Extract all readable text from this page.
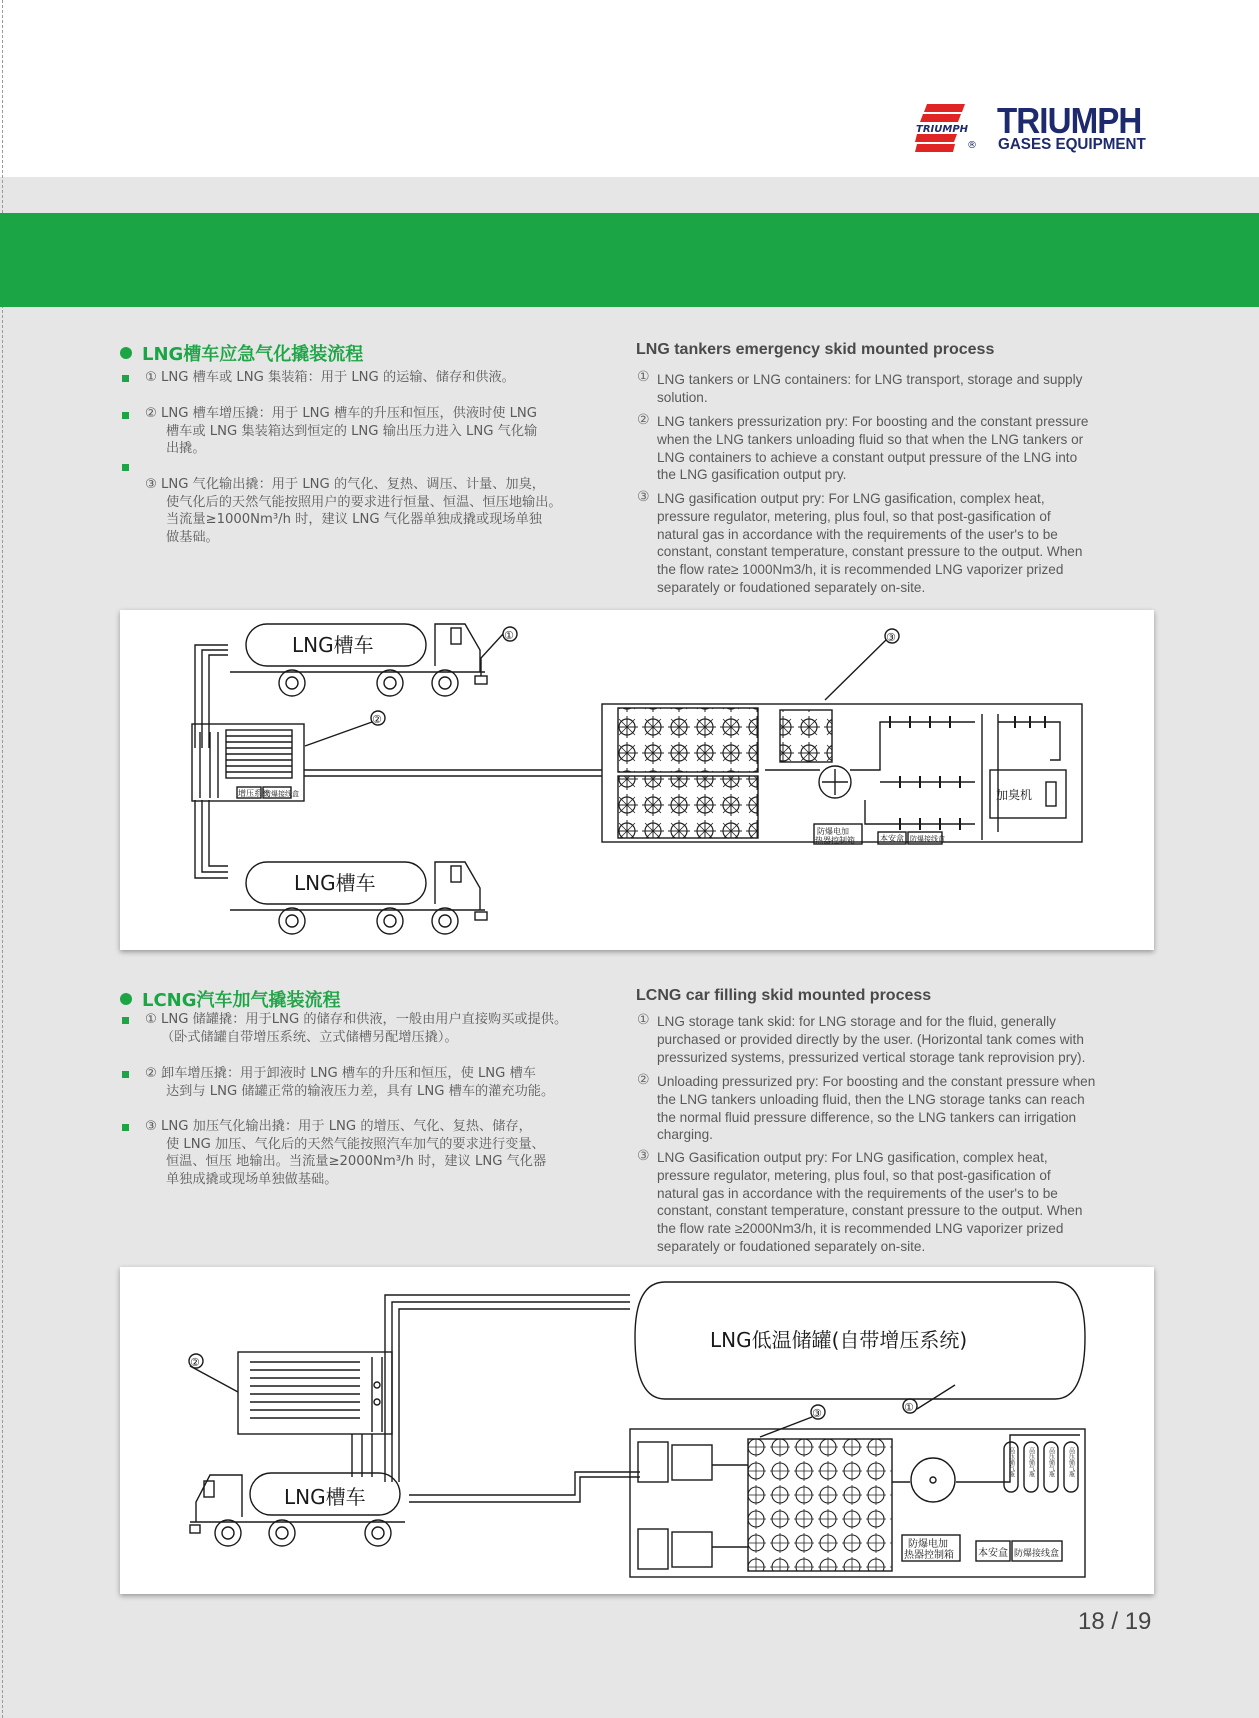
TRIUMPH
®
TRIUMPH
GASES EQUIPMENT
LNG槽车应急气化撬装流程	LNG tankers emergency skid mounted process
① LNG 槽车或 LNG 集装箱：用于 LNG 的运输、储存和供液。
② LNG 槽车增压撬：用于 LNG 槽车的升压和恒压，供液时使 LNG
槽车或 LNG 集装箱达到恒定的 LNG 输出压力进入 LNG 气化输
出撬。
③ LNG 气化输出撬：用于 LNG 的气化、复热、调压、计量、加臭，
使气化后的天然气能按照用户的要求进行恒量、恒温、恒压地输出。
当流量≥1000Nm³/h 时，建议 LNG 气化器单独成撬或现场单独
做基础。
① LNG tankers or LNG containers: for LNG transport, storage and supply
solution.
② LNG tankers pressurization pry: For boosting and the constant pressure
when the LNG tankers unloading fluid so that when the LNG tankers or
LNG containers to achieve a constant output pressure of the LNG into
the LNG gasification output pry.
③ LNG gasification output pry: For LNG gasification, complex heat,
pressure regulator, metering, plus foul, so that post-gasification of
natural gas in accordance with the requirements of the user's to be
constant, constant temperature, constant pressure to the output. When
the flow rate≥ 1000Nm3/h, it is recommended LNG vaporizer prized
separately or foudationed separately on-site.
LNG槽车	①
②
③
增压系统
防爆接线盒	加臭机
防爆电加
热器控制箱	本安盒 防爆接线盒
LNG槽车
LCNG汽车加气撬装流程	LCNG car filling skid mounted process
① LNG 储罐撬：用于LNG 的储存和供液，一般由用户直接购买或提供。
（卧式储罐自带增压系统、立式储槽另配增压撬）。
② 卸车增压撬：用于卸液时 LNG 槽车的升压和恒压，使 LNG 槽车
达到与 LNG 储罐正常的输液压力差，具有 LNG 槽车的灌充功能。
③ LNG 加压气化输出撬：用于 LNG 的增压、气化、复热、储存，
使 LNG 加压、气化后的天然气能按照汽车加气的要求进行变量、
恒温、恒压 地输出。当流量≥2000Nm³/h 时，建议 LNG 气化器
单独成撬或现场单独做基础。
① LNG storage tank skid: for LNG storage and for the fluid, generally
purchased or provided directly by the user. (Horizontal tank comes with
pressurized systems, pressurized vertical storage tank reprovision pry).
② Unloading pressurized pry: For boosting and the constant pressure when
the LNG tankers unloading fluid, then the LNG storage tanks can reach
the normal fluid pressure difference, so the LNG tankers can irrigation
charging.
③ LNG Gasification output pry: For LNG gasification, complex heat,
pressure regulator, metering, plus foul, so that post-gasification of
natural gas in accordance with the requirements of the user's to be
constant, constant temperature, constant pressure to the output. When
the flow rate ≥2000Nm3/h, it is recommended LNG vaporizer prized
separately or foudationed separately on-site.
LNG低温储罐(自带增压系统)
②
LNG槽车
①
③
高压储气瓶 高压储气瓶 高压储气瓶 高压储气瓶
防爆电加
热器控制箱 本安盒 防爆接线盒
18 / 19
